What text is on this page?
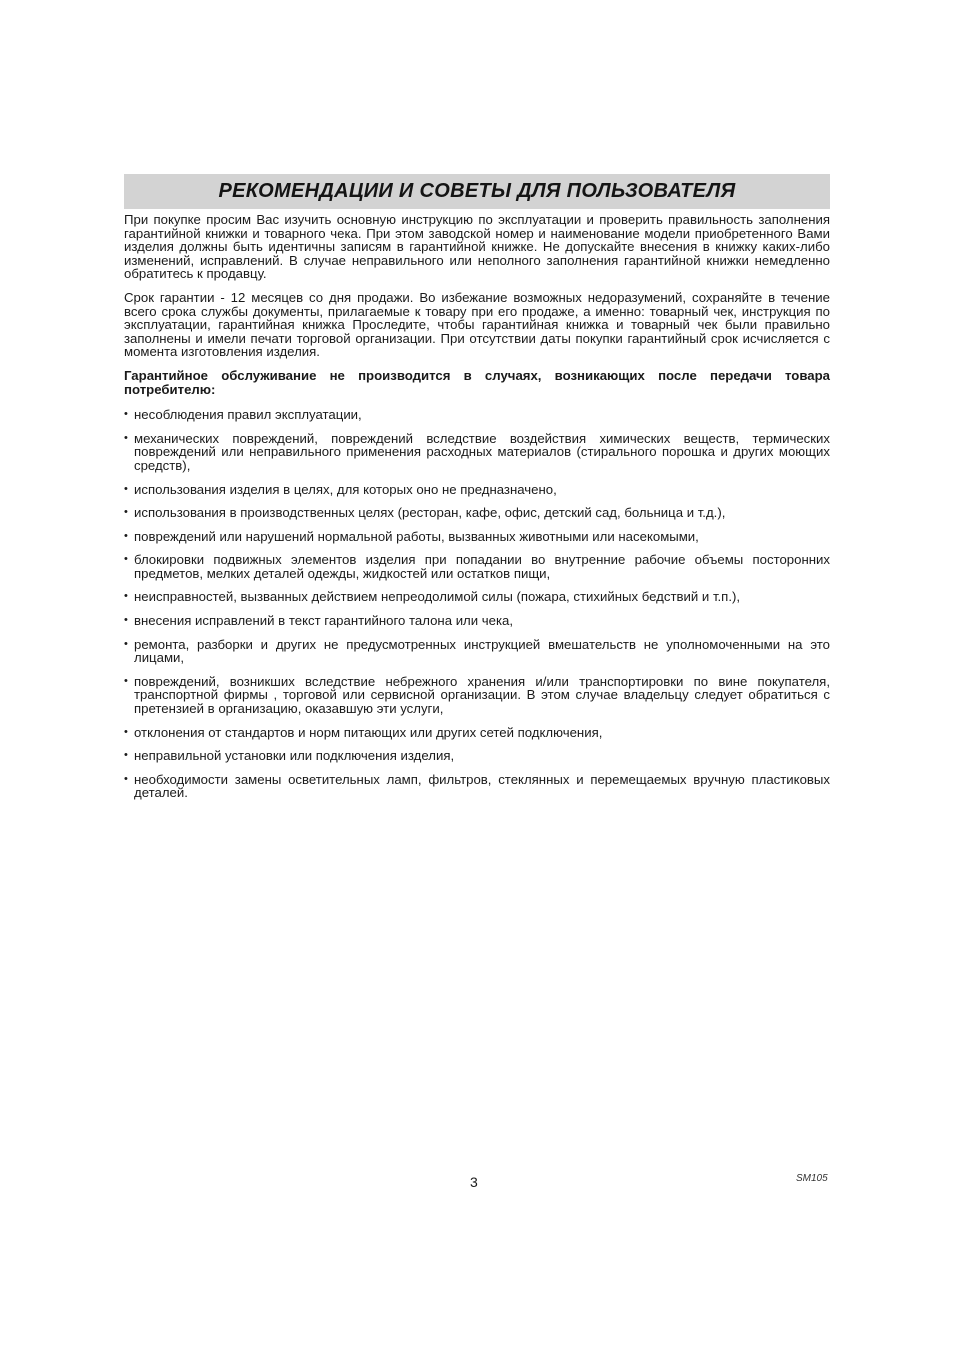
РЕКОМЕНДАЦИИ И СОВЕТЫ ДЛЯ ПОЛЬЗОВАТЕЛЯ

При покупке просим Вас изучить основную инструкцию по эксплуатации и проверить правильность заполнения гарантийной книжки и товарного чека. При этом заводской номер и наименование модели приобретенного Вами изделия должны быть идентичны записям в гарантийной книжке. Не допускайте внесения в книжку каких-либо изменений, исправлений. В случае неправильного или неполного заполнения гарантийной книжки немедленно обратитесь к продавцу.

Срок гарантии - 12 месяцев со дня продажи. Во избежание возможных недоразумений, сохраняйте в течение всего срока службы документы, прилагаемые к товару при его продаже, а именно: товарный чек, инструкция по эксплуатации, гарантийная книжка Проследите, чтобы гарантийная книжка и товарный чек были правильно заполнены и имели печати торговой организации. При отсутствии даты покупки гарантийный срок исчисляется с момента изготовления изделия.

Гарантийное обслуживание не производится в случаях, возникающих после передачи товара потребителю:

• несоблюдения правил эксплуатации,
• механических повреждений, повреждений вследствие воздействия химических веществ, термических повреждений или неправильного применения расходных материалов (стирального порошка и других моющих средств),
• использования изделия в целях, для которых оно не предназначено,
• использования в производственных целях (ресторан, кафе, офис, детский сад, больница и т.д.),
• повреждений или нарушений нормальной работы, вызванных животными или насекомыми,
• блокировки подвижных элементов изделия при попадании во внутренние рабочие объемы посторонних предметов, мелких деталей одежды, жидкостей или остатков пищи,
• неисправностей, вызванных действием непреодолимой силы (пожара, стихийных бедствий и т.п.),
• внесения исправлений в текст гарантийного талона или чека,
• ремонта, разборки и других не предусмотренных инструкцией вмешательств не уполномоченными на это лицами,
• повреждений, возникших вследствие небрежного хранения и/или транспортировки по вине покупателя, транспортной фирмы , торговой или сервисной организации. В этом случае владельцу следует обратиться с претензией в организацию, оказавшую эти услуги,
• отклонения от стандартов и норм питающих или других сетей подключения,
• неправильной установки или подключения изделия,
• необходимости замены осветительных ламп, фильтров, стеклянных и перемещаемых вручную пластиковых деталей.
3	SM105
